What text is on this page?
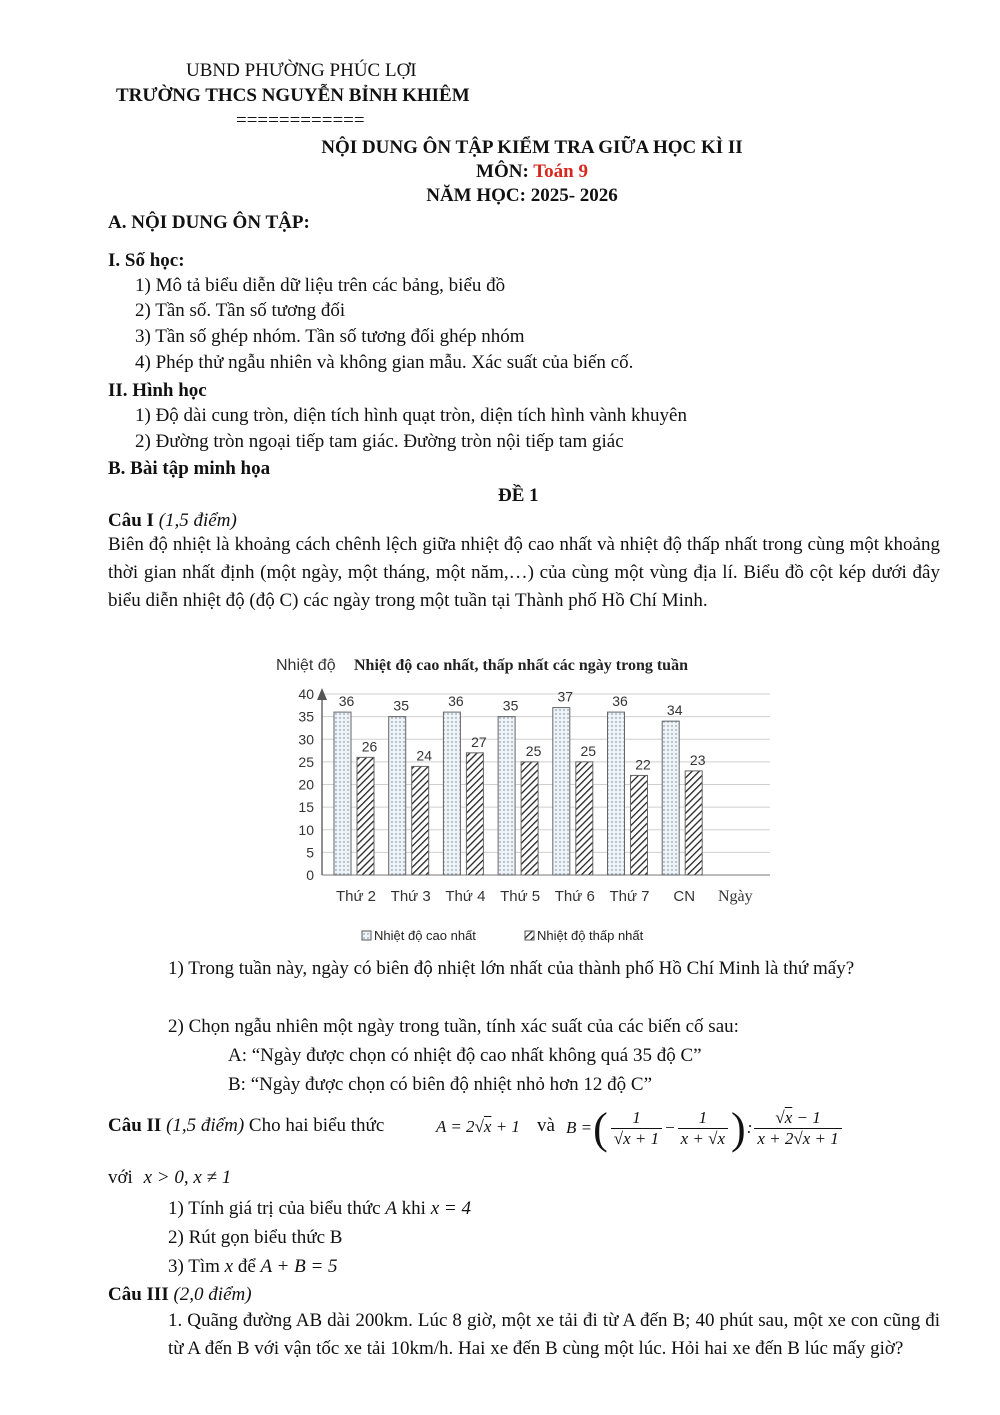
UBND PHƯỜNG PHÚC LỢI
TRƯỜNG THCS NGUYỄN BỈNH KHIÊM
============
NỘI DUNG ÔN TẬP KIỂM TRA GIỮA HỌC KÌ II
MÔN: Toán 9
NĂM HỌC: 2025- 2026
A. NỘI DUNG ÔN TẬP:
I. Số học:
1) Mô tả biểu diễn dữ liệu trên các bảng, biểu đồ
2) Tần số. Tần số tương đối
3) Tần số ghép nhóm. Tần số tương đối ghép nhóm
4) Phép thử ngẫu nhiên và không gian mẫu. Xác suất của biến cố.
II. Hình học
1) Độ dài cung tròn, diện tích hình quạt tròn, diện tích hình vành khuyên
2) Đường tròn ngoại tiếp tam giác. Đường tròn nội tiếp tam giác
B. Bài tập minh họa
ĐỀ 1
Câu I (1,5 điểm)
Biên độ nhiệt là khoảng cách chênh lệch giữa nhiệt độ cao nhất và nhiệt độ thấp nhất trong cùng một khoảng thời gian nhất định (một ngày, một tháng, một năm,…) của cùng một vùng địa lí. Biểu đồ cột kép dưới đây biểu diễn nhiệt độ (độ C) các ngày trong một tuần tại Thành phố Hồ Chí Minh.
Nhiệt độ Nhiệt độ cao nhất, thấp nhất các ngày trong tuần
0
5
10
15
20
25
30
35
40 36
26
35
24
36
27
35
25
37
25
36
22
34
23
Thứ 2 Thứ 3 Thứ 4 Thứ 5 Thứ 6 Thứ 7 CN Ngày
Nhiệt độ cao nhất	Nhiệt độ thấp nhất
1) Trong tuần này, ngày có biên độ nhiệt lớn nhất của thành phố Hồ Chí Minh là thứ mấy?
2) Chọn ngẫu nhiên một ngày trong tuần, tính xác suất của các biến cố sau:
A: “Ngày được chọn có nhiệt độ cao nhất không quá 35 độ C”
B: “Ngày được chọn có biên độ nhiệt nhỏ hơn 12 độ C”
Câu II (1,5 điểm) Cho hai biểu thức	A = 2√x + 1 và B = ( $\frac{1}{√x + 1} - \frac{1}{x + √x}$ ) : $\frac{√x - 1}{x + 2√x + 1}$
với x > 0, x ≠ 1
1) Tính giá trị của biểu thức A khi x = 4
2) Rút gọn biểu thức B
3) Tìm x để A + B = 5
Câu III (2,0 điểm)
1. Quãng đường AB dài 200km. Lúc 8 giờ, một xe tải đi từ A đến B; 40 phút sau, một xe con cũng đi từ A đến B với vận tốc xe tải 10km/h. Hai xe đến B cùng một lúc. Hỏi hai xe đến B lúc mấy giờ?
